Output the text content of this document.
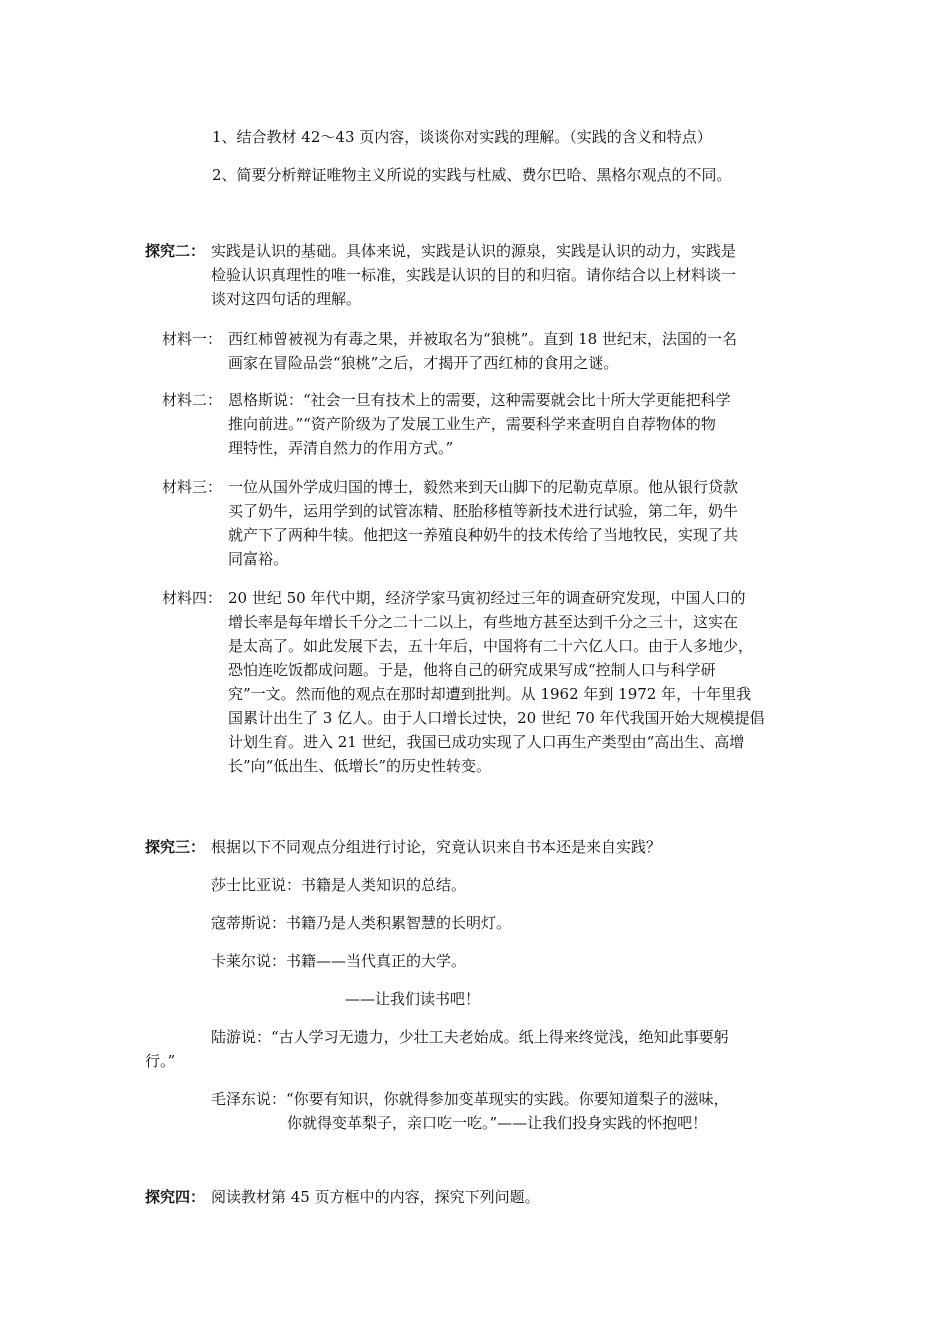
1、结合教材 42～43 页内容，谈谈你对实践的理解。（实践的含义和特点）
2、简要分析辩证唯物主义所说的实践与杜威、费尔巴哈、黑格尔观点的不同。
探究二： 实践是认识的基础。具体来说，实践是认识的源泉，实践是认识的动力，实践是
检验认识真理性的唯一标准，实践是认识的目的和归宿。请你结合以上材料谈一
谈对这四句话的理解。
材料一： 西红柿曾被视为有毒之果，并被取名为“狼桃”。直到 18 世纪末，法国的一名
画家在冒险品尝“狼桃”之后，才揭开了西红柿的食用之谜。
材料二： 恩格斯说：“社会一旦有技术上的需要，这种需要就会比十所大学更能把科学
推向前进。”“资产阶级为了发展工业生产，需要科学来查明自自荐物体的物
理特性，弄清自然力的作用方式。”
材料三： 一位从国外学成归国的博士，毅然来到天山脚下的尼勒克草原。他从银行贷款
买了奶牛，运用学到的试管冻精、胚胎移植等新技术进行试验，第二年，奶牛
就产下了两种牛犊。他把这一养殖良种奶牛的技术传给了当地牧民，实现了共
同富裕。
材料四： 20 世纪 50 年代中期，经济学家马寅初经过三年的调查研究发现，中国人口的
增长率是每年增长千分之二十二以上，有些地方甚至达到千分之三十，这实在
是太高了。如此发展下去，五十年后，中国将有二十六亿人口。由于人多地少，
恐怕连吃饭都成问题。于是，他将自己的研究成果写成“控制人口与科学研
究”一文。然而他的观点在那时却遭到批判。从 1962 年到 1972 年，十年里我
国累计出生了 3 亿人。由于人口增长过快，20 世纪 70 年代我国开始大规模提倡
计划生育。进入 21 世纪，我国已成功实现了人口再生产类型由“高出生、高增
长”向“低出生、低增长”的历史性转变。
探究三： 根据以下不同观点分组进行讨论，究竟认识来自书本还是来自实践？
莎士比亚说：书籍是人类知识的总结。
寇蒂斯说：书籍乃是人类积累智慧的长明灯。
卡莱尔说：书籍——当代真正的大学。
——让我们读书吧！
陆游说：“古人学习无遗力，少壮工夫老始成。纸上得来终觉浅，绝知此事要躬
行。”
毛泽东说：“你要有知识，你就得参加变革现实的实践。你要知道梨子的滋味，
你就得变革梨子，亲口吃一吃。”——让我们投身实践的怀抱吧！
探究四： 阅读教材第 45 页方框中的内容，探究下列问题。
